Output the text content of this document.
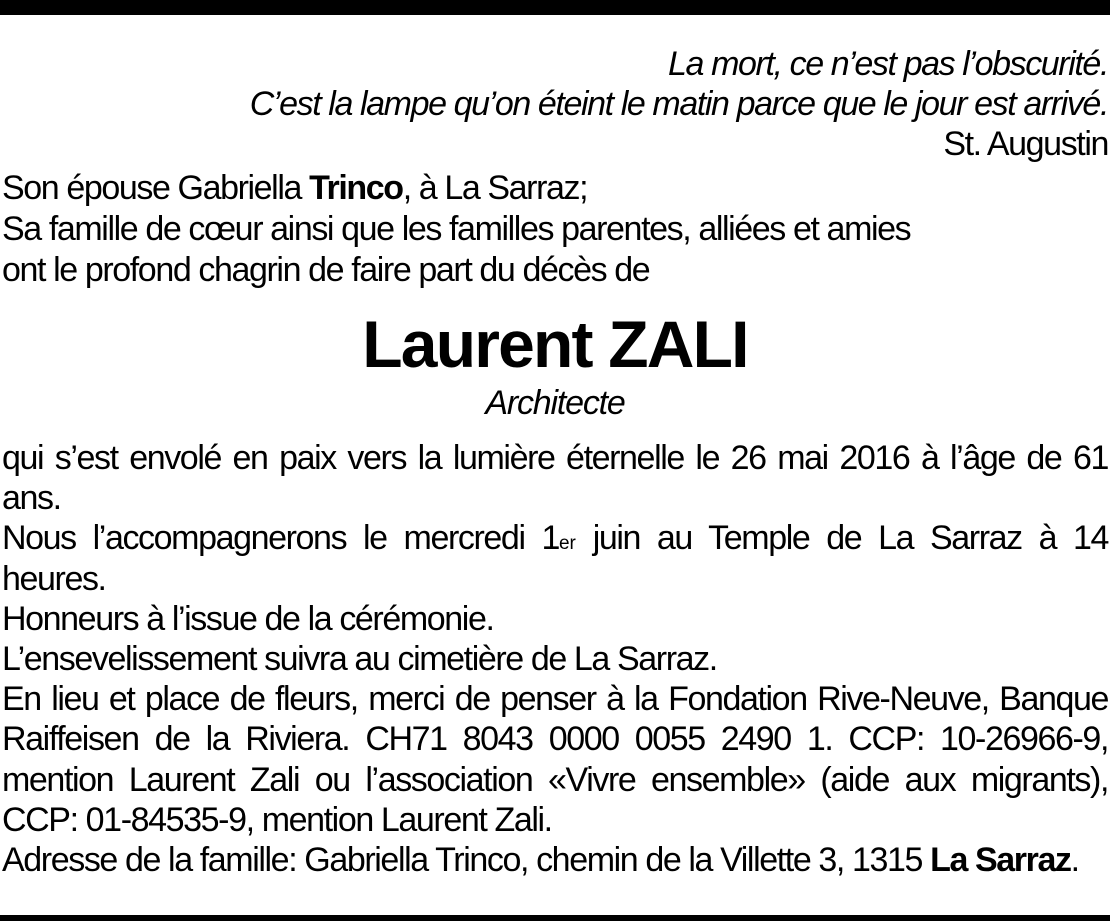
La mort, ce n’est pas l’obscurité.
C’est la lampe qu’on éteint le matin parce que le jour est arrivé.
St. Augustin
Son épouse Gabriella Trinco, à La Sarraz;
Sa famille de cœur ainsi que les familles parentes, alliées et amies
ont le profond chagrin de faire part du décès de
Laurent ZALI
Architecte

qui s’est envolé en paix vers la lumière éternelle le 26 mai 2016 à l’âge de 61 ans.

Nous l’accompagnerons le mercredi 1er juin au Temple de La Sarraz à 14 heures.

Honneurs à l’issue de la cérémonie.

L’ensevelissement suivra au cimetière de La Sarraz.

En lieu et place de fleurs, merci de penser à la Fondation Rive-Neuve, Banque Raiffeisen de la Riviera. CH71 8043 0000 0055 2490 1. CCP: 10-26966-9, mention Laurent Zali ou l’association «Vivre ensemble» (aide aux migrants), CCP: 01-84535-9, mention Laurent Zali.

Adresse de la famille: Gabriella Trinco, chemin de la Villette 3, 1315 La Sarraz.
